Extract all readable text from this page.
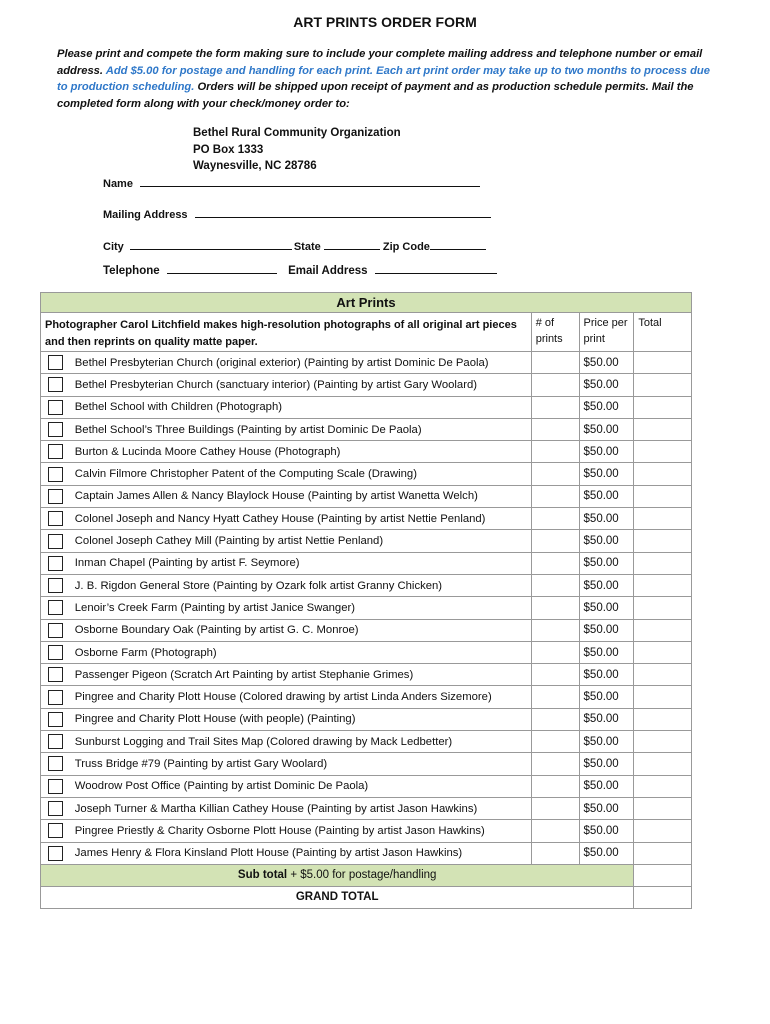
ART PRINTS ORDER FORM
Please print and compete the form making sure to include your complete mailing address and telephone number or email address. Add $5.00 for postage and handling for each print. Each art print order may take up to two months to process due to production scheduling. Orders will be shipped upon receipt of payment and as production schedule permits. Mail the completed form along with your check/money order to:
Bethel Rural Community Organization
PO Box 1333
Waynesville, NC 28786
Name
Mailing Address
City	State	Zip Code
Telephone	Email Address
Art Prints				
Photographer Carol Litchfield makes high-resolution photographs of all original art pieces and then reprints on quality matte paper.		# of prints	Price per print	Total
	Bethel Presbyterian Church (original exterior) (Painting by artist Dominic De Paola)		$50.00	
	Bethel Presbyterian Church (sanctuary interior) (Painting by artist Gary Woolard)		$50.00	
	Bethel School with Children (Photograph)		$50.00	
	Bethel School’s Three Buildings (Painting by artist Dominic De Paola)		$50.00	
	Burton & Lucinda Moore Cathey House (Photograph)		$50.00	
	Calvin Filmore Christopher Patent of the Computing Scale (Drawing)		$50.00	
	Captain James Allen & Nancy Blaylock House (Painting by artist Wanetta Welch)		$50.00	
	Colonel Joseph and Nancy Hyatt Cathey House (Painting by artist Nettie Penland)		$50.00	
	Colonel Joseph Cathey Mill (Painting by artist Nettie Penland)		$50.00	
	Inman Chapel (Painting by artist F. Seymore)		$50.00	
	J. B. Rigdon General Store (Painting by Ozark folk artist Granny Chicken)		$50.00	
	Lenoir’s Creek Farm (Painting by artist Janice Swanger)		$50.00	
	Osborne Boundary Oak (Painting by artist G. C. Monroe)		$50.00	
	Osborne Farm (Photograph)		$50.00	
	Passenger Pigeon (Scratch Art Painting by artist Stephanie Grimes)		$50.00	
	Pingree and Charity Plott House (Colored drawing by artist Linda Anders Sizemore)		$50.00	
	Pingree and Charity Plott House (with people) (Painting)		$50.00	
	Sunburst Logging and Trail Sites Map (Colored drawing by Mack Ledbetter)		$50.00	
	Truss Bridge #79 (Painting by artist Gary Woolard)		$50.00	
	Woodrow Post Office (Painting by artist Dominic De Paola)		$50.00	
	Joseph Turner & Martha Killian Cathey House (Painting by artist Jason Hawkins)		$50.00	
	Pingree Priestly & Charity Osborne Plott House (Painting by artist Jason Hawkins)		$50.00	
	James Henry & Flora Kinsland Plott House (Painting by artist Jason Hawkins)		$50.00	
Sub total + $5.00 for postage/handling				
GRAND TOTAL				
